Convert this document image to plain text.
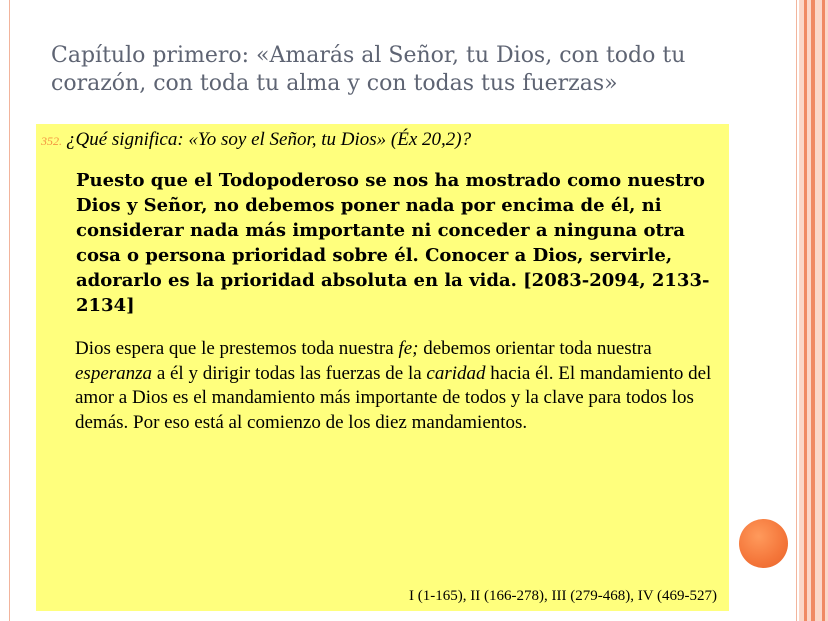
Capítulo primero: «Amarás al Señor, tu Dios, con todo tu corazón, con toda tu alma y con todas tus fuerzas»
352. ¿Qué significa: «Yo soy el Señor, tu Dios» (Éx 20,2)?
Puesto que el Todopoderoso se nos ha mostrado como nuestro Dios y Señor, no debemos poner nada por encima de él, ni considerar nada más importante ni conceder a ninguna otra cosa o persona prioridad sobre él. Conocer a Dios, servirle, adorarlo es la prioridad absoluta en la vida. [2083-2094, 2133-2134]
Dios espera que le prestemos toda nuestra fe; debemos orientar toda nuestra esperanza a él y dirigir todas las fuerzas de la caridad hacia él. El mandamiento del amor a Dios es el mandamiento más importante de todos y la clave para todos los demás. Por eso está al comienzo de los diez mandamientos.
I (1-165), II (166-278), III (279-468), IV (469-527)
